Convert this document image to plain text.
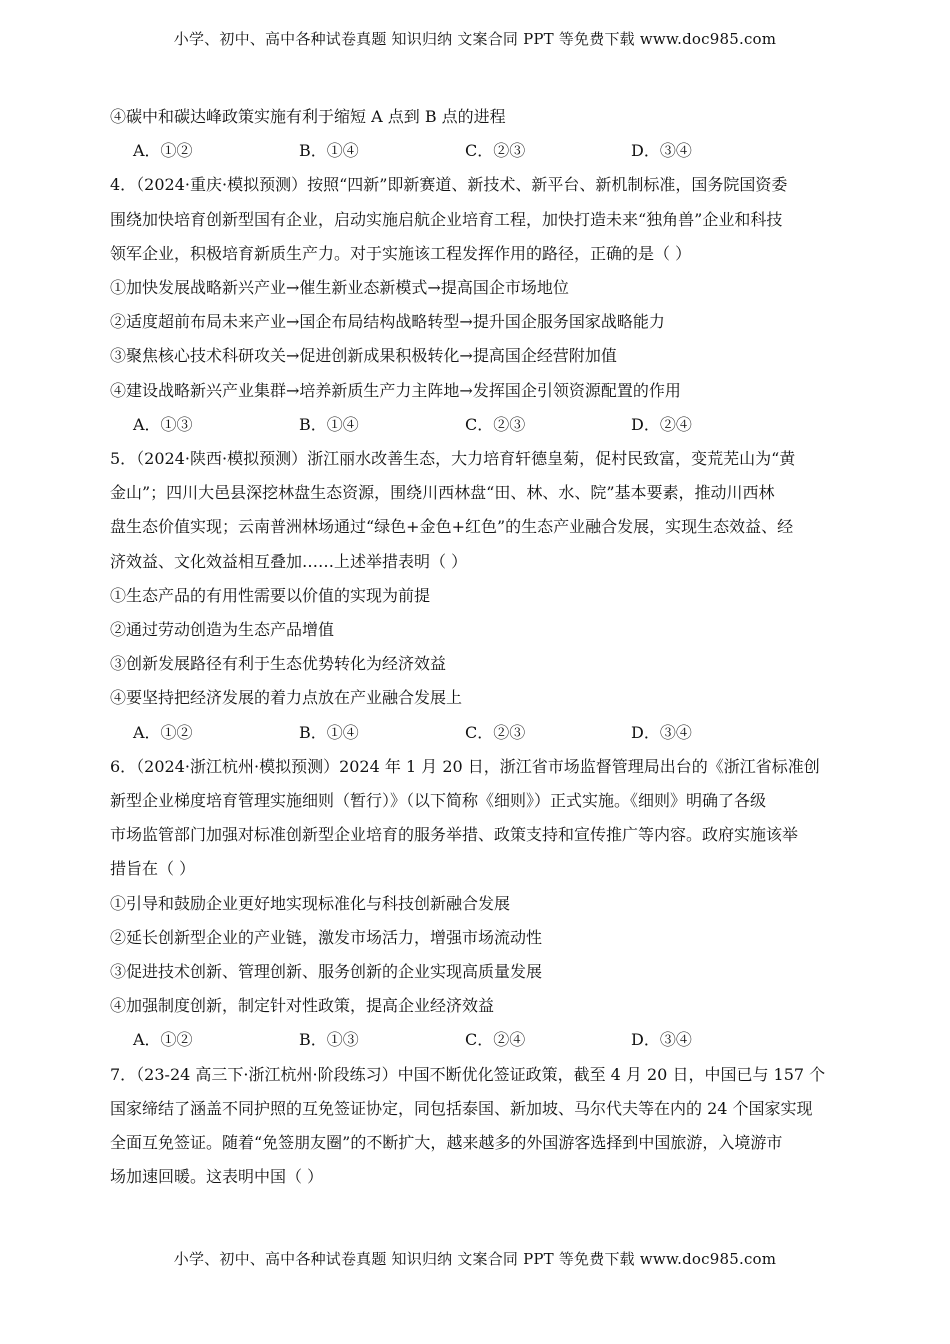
小学、初中、高中各种试卷真题 知识归纳 文案合同 PPT 等免费下载 www.doc985.com
④碳中和碳达峰政策实施有利于缩短 A 点到 B 点的进程
A．①②	B．①④	C．②③	D．③④
4．（2024·重庆·模拟预测）按照“四新”即新赛道、新技术、新平台、新机制标准，国务院国资委
围绕加快培育创新型国有企业，启动实施启航企业培育工程，加快打造未来“独角兽”企业和科技
领军企业，积极培育新质生产力。对于实施该工程发挥作用的路径，正确的是（ ）
①加快发展战略新兴产业→催生新业态新模式→提高国企市场地位
②适度超前布局未来产业→国企布局结构战略转型→提升国企服务国家战略能力
③聚焦核心技术科研攻关→促进创新成果积极转化→提高国企经营附加值
④建设战略新兴产业集群→培养新质生产力主阵地→发挥国企引领资源配置的作用
A．①③	B．①④	C．②③	D．②④
5．（2024·陕西·模拟预测）浙江丽水改善生态，大力培育轩德皇菊，促村民致富，变荒芜山为“黄
金山”；四川大邑县深挖林盘生态资源，围绕川西林盘“田、林、水、院”基本要素，推动川西林
盘生态价值实现；云南普洲林场通过“绿色+金色+红色”的生态产业融合发展，实现生态效益、经
济效益、文化效益相互叠加……上述举措表明（ ）
①生态产品的有用性需要以价值的实现为前提
②通过劳动创造为生态产品增值
③创新发展路径有利于生态优势转化为经济效益
④要坚持把经济发展的着力点放在产业融合发展上
A．①②	B．①④	C．②③	D．③④
6．（2024·浙江杭州·模拟预测）2024 年 1 月 20 日，浙江省市场监督管理局出台的《浙江省标准创
新型企业梯度培育管理实施细则（暂行）》（以下简称《细则》）正式实施。《细则》明确了各级
市场监管部门加强对标准创新型企业培育的服务举措、政策支持和宣传推广等内容。政府实施该举
措旨在（ ）
①引导和鼓励企业更好地实现标准化与科技创新融合发展
②延长创新型企业的产业链，激发市场活力，增强市场流动性
③促进技术创新、管理创新、服务创新的企业实现高质量发展
④加强制度创新，制定针对性政策，提高企业经济效益
A．①②	B．①③	C．②④	D．③④
7．（23-24 高三下·浙江杭州·阶段练习）中国不断优化签证政策，截至 4 月 20 日，中国已与 157 个
国家缔结了涵盖不同护照的互免签证协定，同包括泰国、新加坡、马尔代夫等在内的 24 个国家实现
全面互免签证。随着“免签朋友圈”的不断扩大，越来越多的外国游客选择到中国旅游，入境游市
场加速回暖。这表明中国（ ）
小学、初中、高中各种试卷真题 知识归纳 文案合同 PPT 等免费下载 www.doc985.com
